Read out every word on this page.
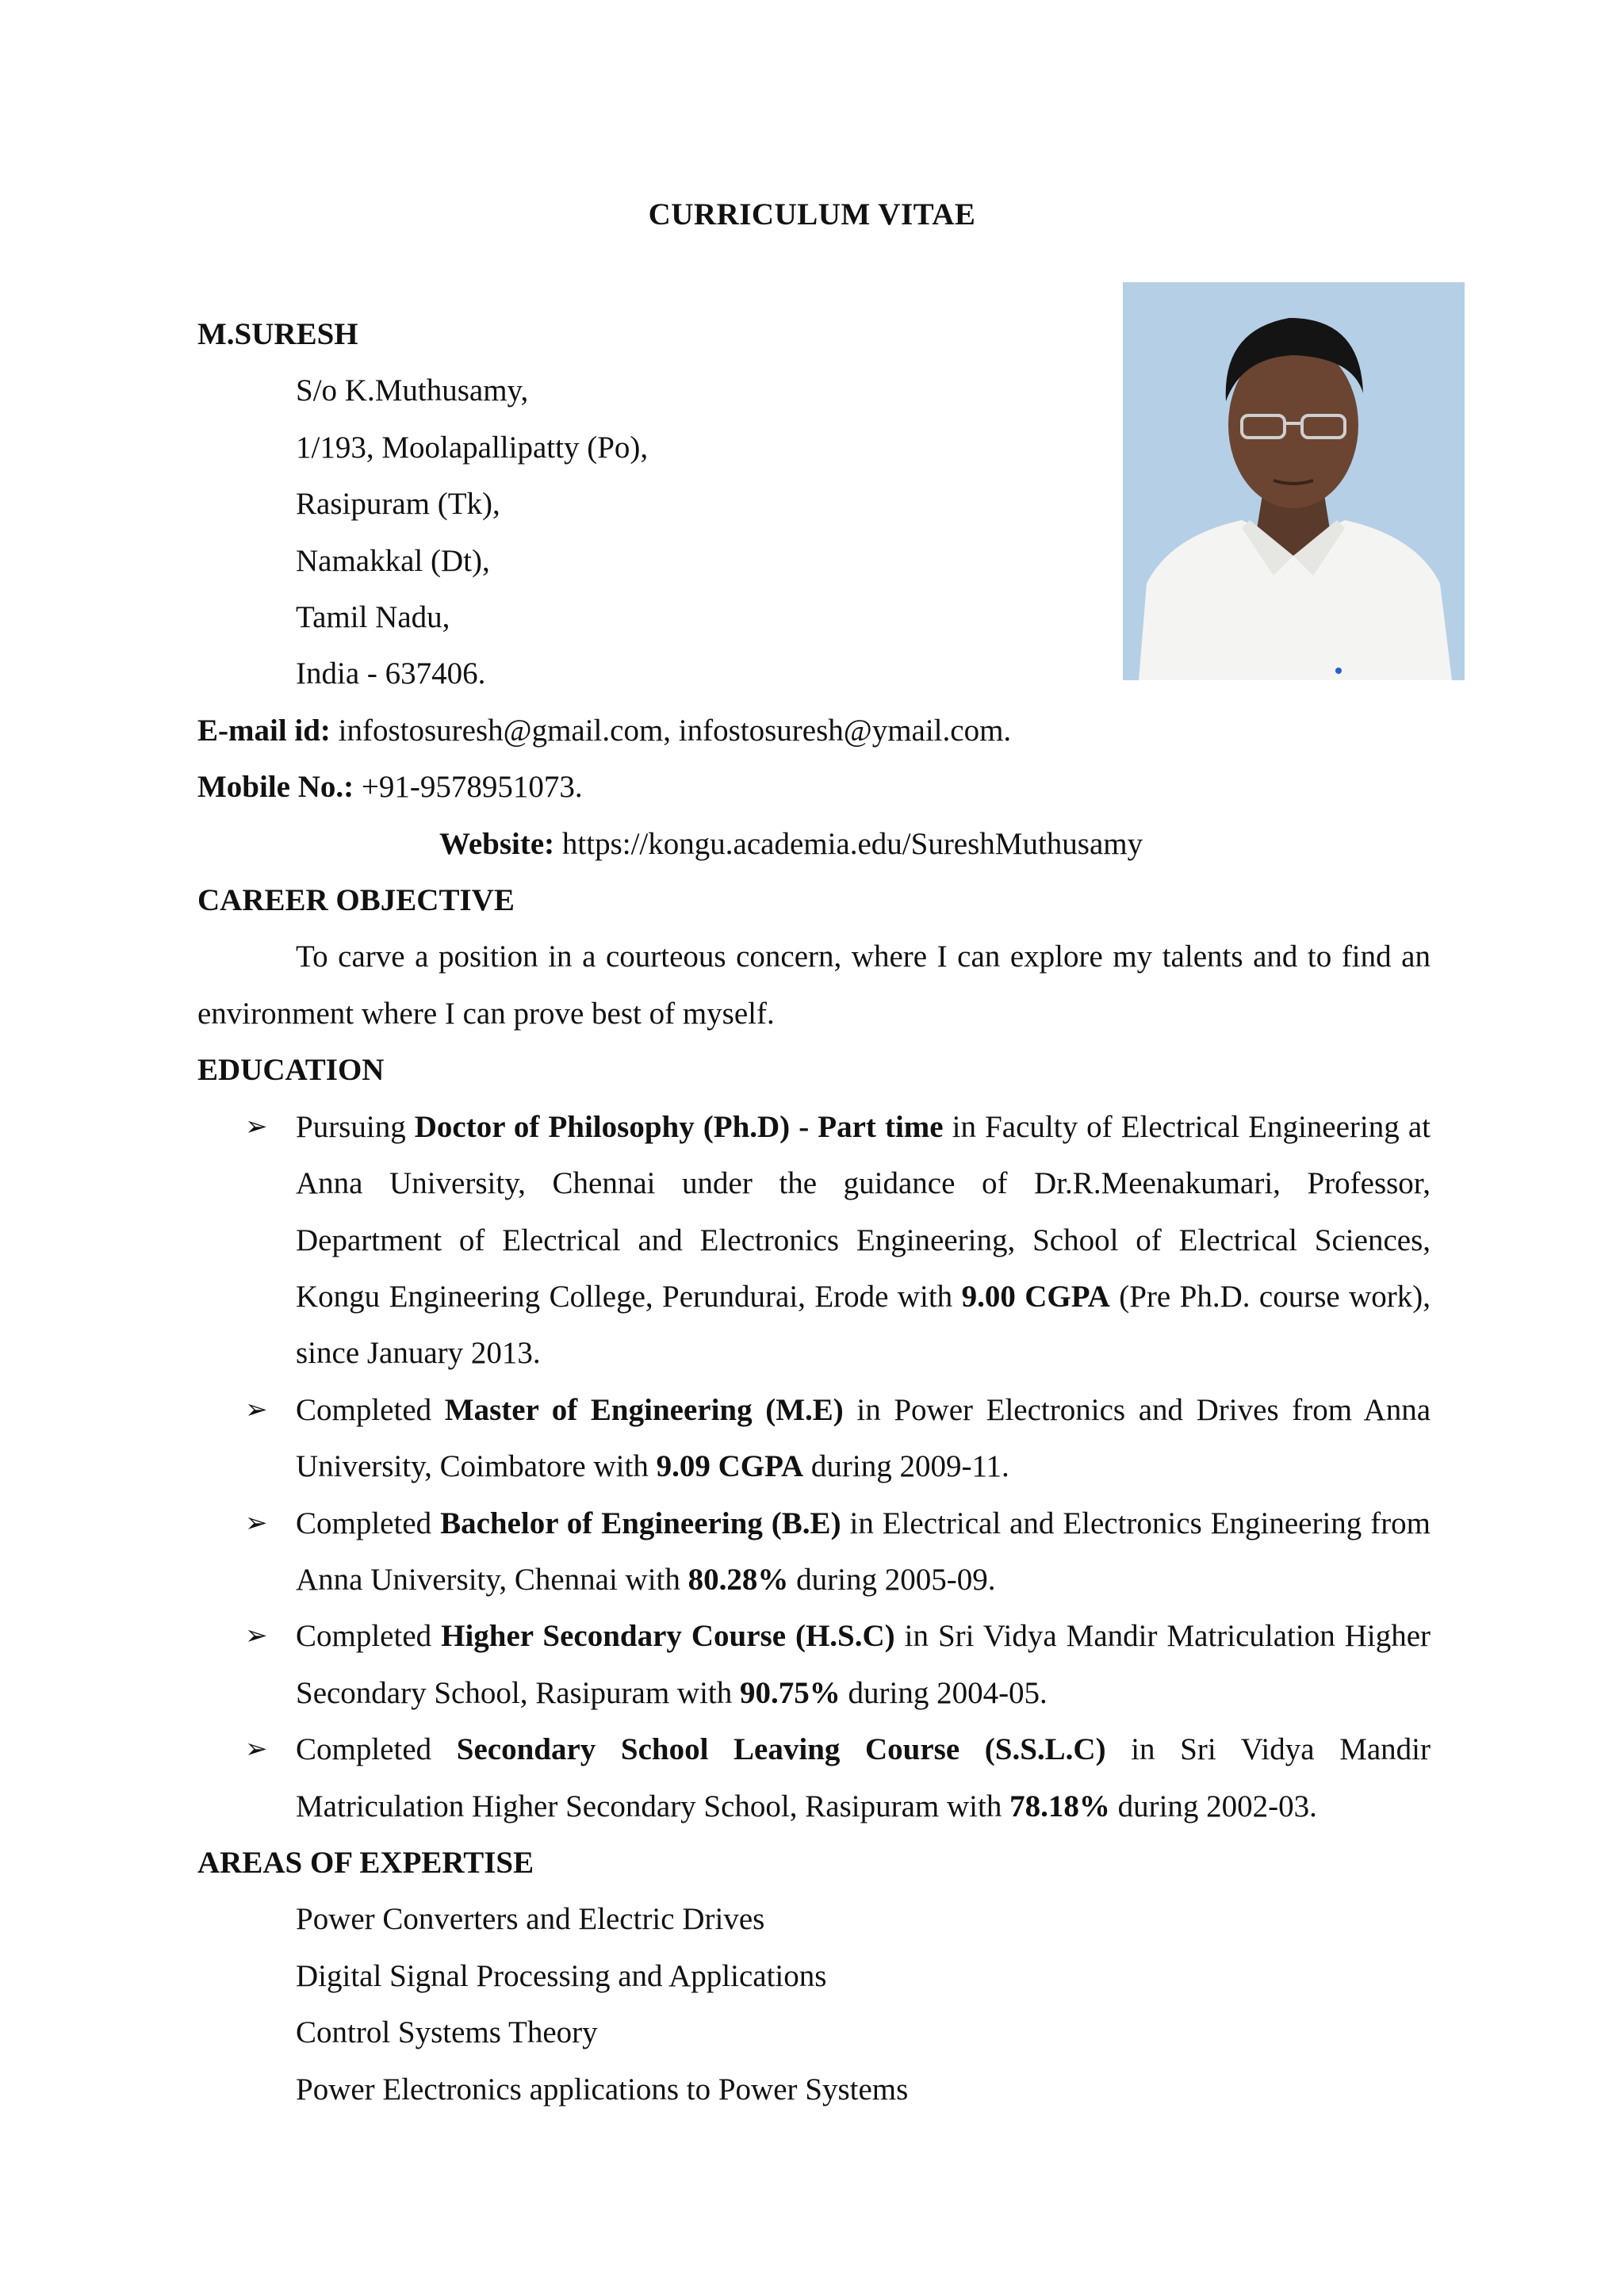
CURRICULUM VITAE

M.SURESH

S/o K.Muthusamy,

1/193, Moolapallipatty (Po),

Rasipuram (Tk),

Namakkal (Dt),

Tamil Nadu,

India - 637406.

E-mail id: infostosuresh@gmail.com, infostosuresh@ymail.com.

Mobile No.: +91-9578951073.

Website: https://kongu.academia.edu/SureshMuthusamy

CAREER OBJECTIVE

To carve a position in a courteous concern, where I can explore my talents and to find an environment where I can prove best of myself.

EDUCATION

➢ Pursuing Doctor of Philosophy (Ph.D) - Part time in Faculty of Electrical Engineering at Anna University, Chennai under the guidance of Dr.R.Meenakumari, Professor, Department of Electrical and Electronics Engineering, School of Electrical Sciences, Kongu Engineering College, Perundurai, Erode with 9.00 CGPA (Pre Ph.D. course work), since January 2013.
➢ Completed Master of Engineering (M.E) in Power Electronics and Drives from Anna University, Coimbatore with 9.09 CGPA during 2009-11.
➢ Completed Bachelor of Engineering (B.E) in Electrical and Electronics Engineering from Anna University, Chennai with 80.28% during 2005-09.
➢ Completed Higher Secondary Course (H.S.C) in Sri Vidya Mandir Matriculation Higher Secondary School, Rasipuram with 90.75% during 2004-05.
➢ Completed Secondary School Leaving Course (S.S.L.C) in Sri Vidya Mandir Matriculation Higher Secondary School, Rasipuram with 78.18% during 2002-03.

AREAS OF EXPERTISE

Power Converters and Electric Drives

Digital Signal Processing and Applications

Control Systems Theory

Power Electronics applications to Power Systems
